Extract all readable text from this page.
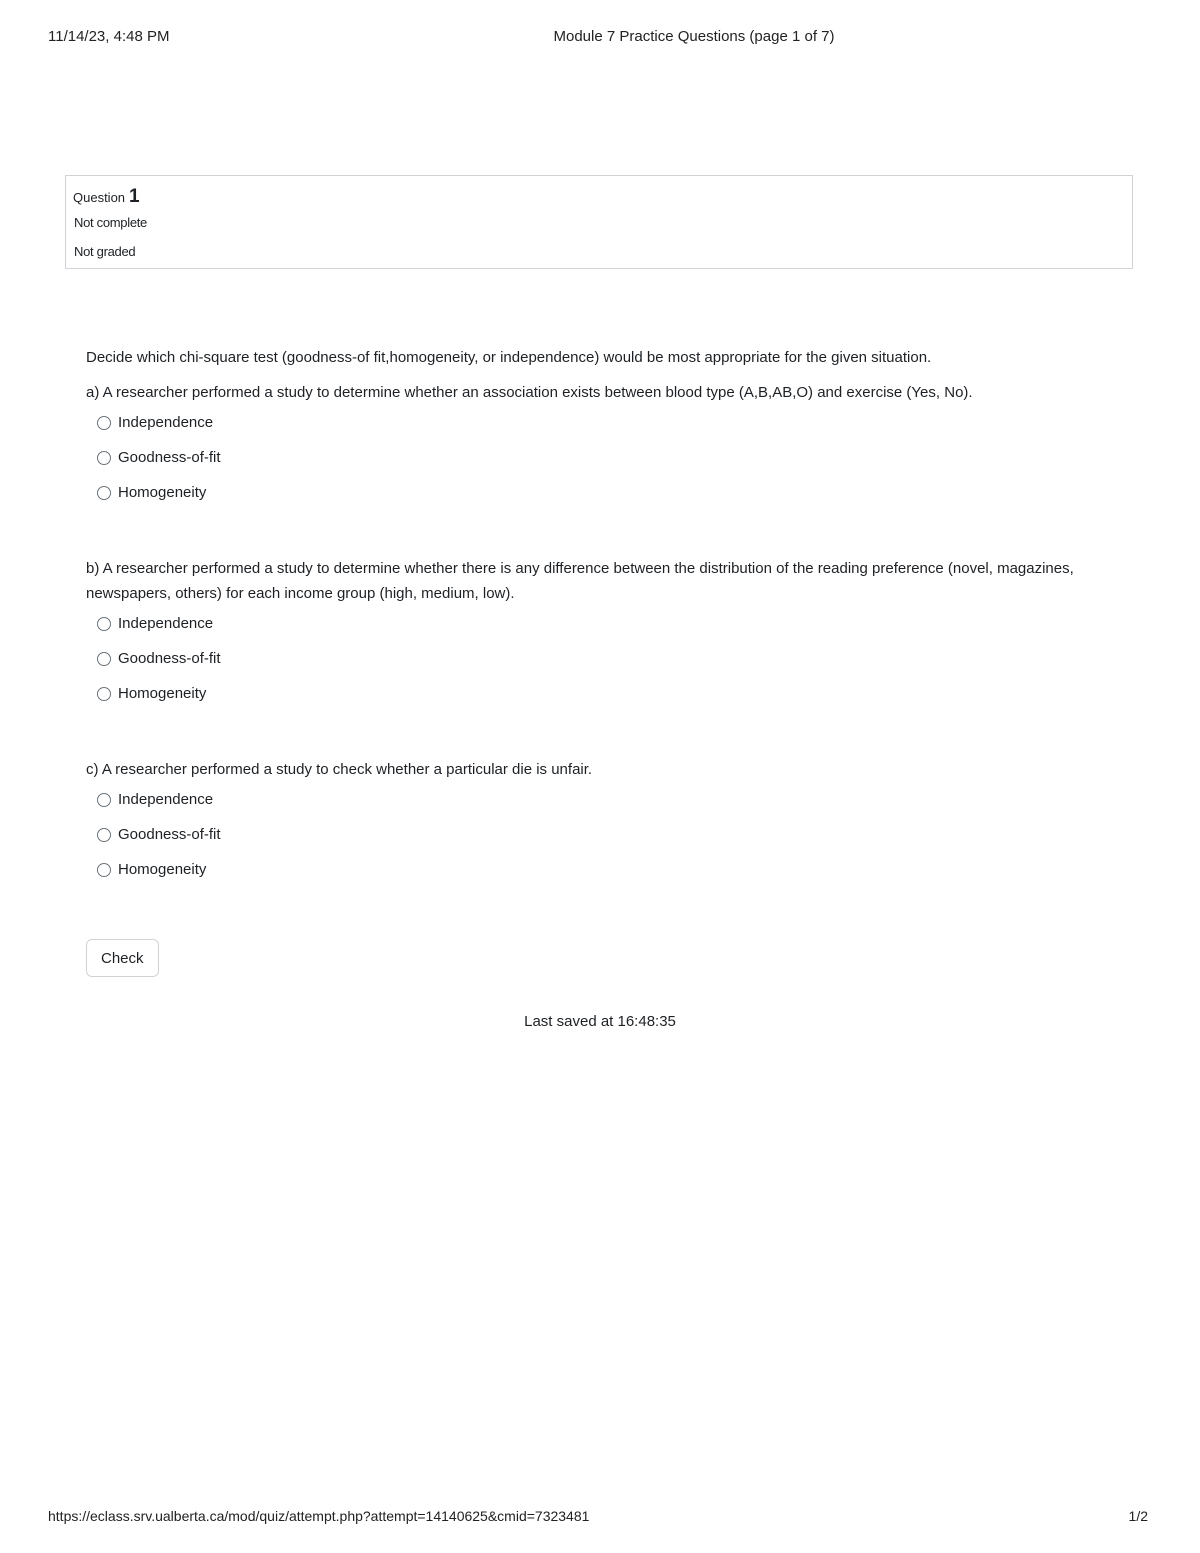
11/14/23, 4:48 PM	Module 7 Practice Questions (page 1 of 7)
Question 1
Not complete
Not graded

Decide which chi-square test (goodness-of fit,homogeneity, or independence) would be most appropriate for the given situation.

a) A researcher performed a study to determine whether an association exists between blood type (A,B,AB,O) and exercise (Yes, No).

Independence
Goodness-of-fit
Homogeneity

b) A researcher performed a study to determine whether there is any difference between the distribution of the reading preference (novel, magazines, newspapers, others) for each income group (high, medium, low).

Independence
Goodness-of-fit
Homogeneity

c) A researcher performed a study to check whether a particular die is unfair.

Independence
Goodness-of-fit
Homogeneity
Check
Last saved at 16:48:35
https://eclass.srv.ualberta.ca/mod/quiz/attempt.php?attempt=14140625&cmid=7323481	1/2
